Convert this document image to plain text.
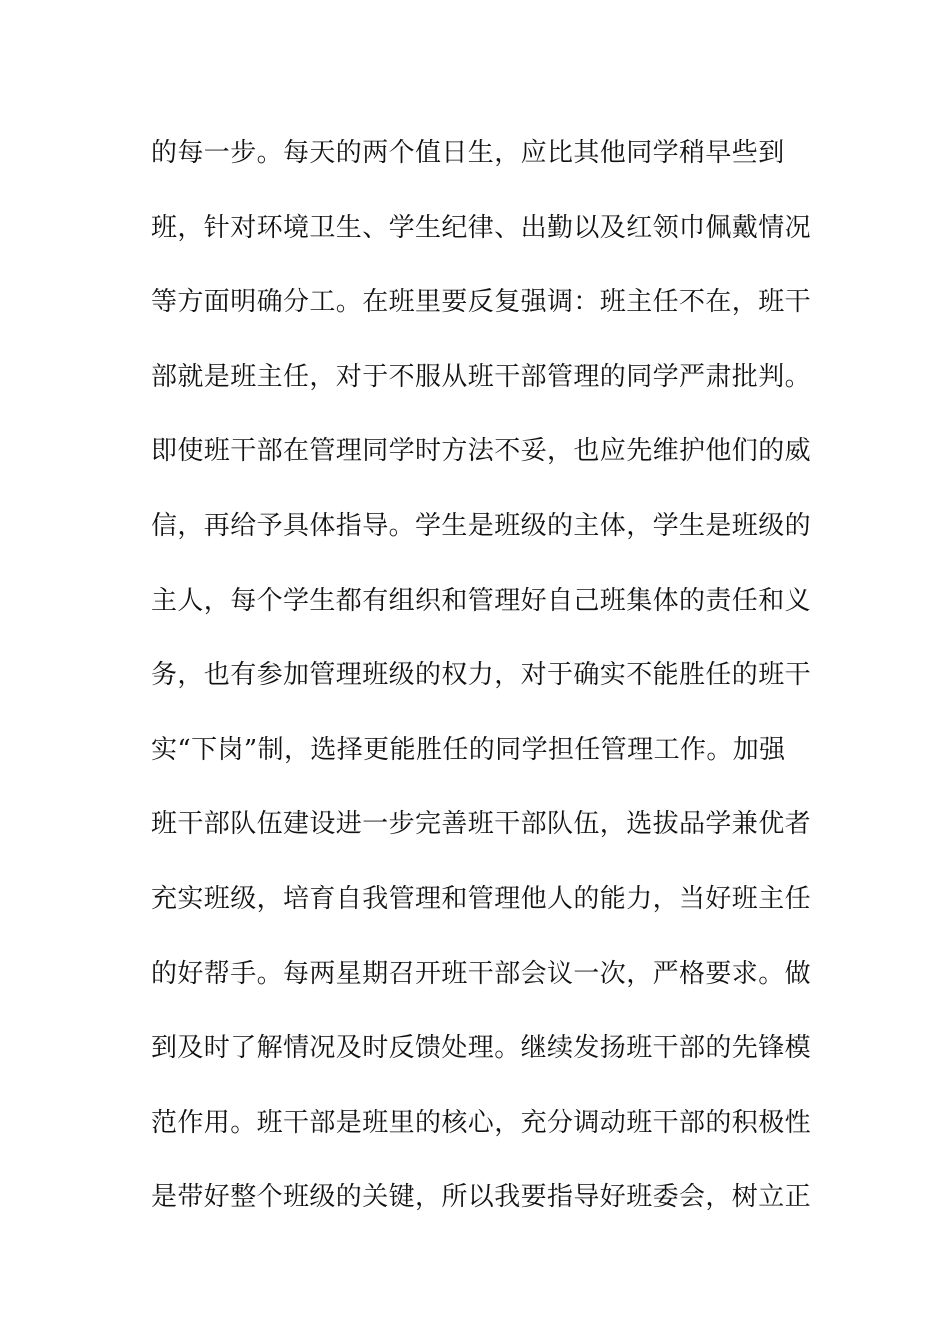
的每一步。每天的两个值日生，应比其他同学稍早些到
班，针对环境卫生、学生纪律、出勤以及红领巾佩戴情况
等方面明确分工。在班里要反复强调：班主任不在，班干
部就是班主任，对于不服从班干部管理的同学严肃批判。
即使班干部在管理同学时方法不妥，也应先维护他们的威
信，再给予具体指导。学生是班级的主体，学生是班级的
主人，每个学生都有组织和管理好自己班集体的责任和义
务，也有参加管理班级的权力，对于确实不能胜任的班干
实“下岗”制，选择更能胜任的同学担任管理工作。加强
班干部队伍建设进一步完善班干部队伍，选拔品学兼优者
充实班级，培育自我管理和管理他人的能力，当好班主任
的好帮手。每两星期召开班干部会议一次，严格要求。做
到及时了解情况及时反馈处理。继续发扬班干部的先锋模
范作用。班干部是班里的核心，充分调动班干部的积极性
是带好整个班级的关键，所以我要指导好班委会，树立正
